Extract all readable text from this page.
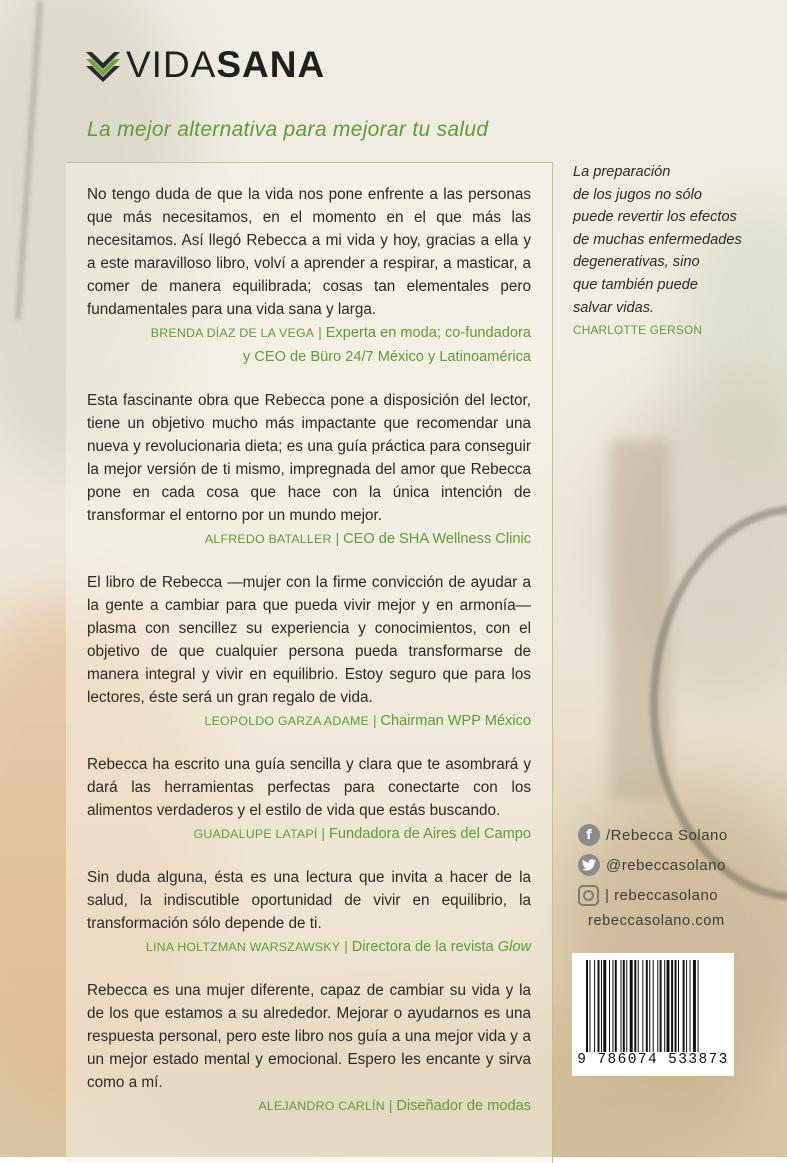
VIDASANA
La mejor alternativa para mejorar tu salud

No tengo duda de que la vida nos pone enfrente a las personas que más necesitamos, en el momento en el que más las necesitamos. Así llegó Rebecca a mi vida y hoy, gracias a ella y a este maravilloso libro, volví a aprender a respirar, a masticar, a comer de manera equilibrada; cosas tan elementales pero fundamentales para una vida sana y larga.

BRENDA DÍAZ DE LA VEGA | Experta en moda; co-fundadora
y CEO de Büro 24/7 México y Latinoamérica

Esta fascinante obra que Rebecca pone a disposición del lector, tiene un objetivo mucho más impactante que recomendar una nueva y revolucionaria dieta; es una guía práctica para conseguir la mejor versión de ti mismo, impregnada del amor que Rebecca pone en cada cosa que hace con la única intención de transformar el entorno por un mundo mejor.

ALFREDO BATALLER | CEO de SHA Wellness Clinic

El libro de Rebecca —mujer con la firme convicción de ayudar a la gente a cambiar para que pueda vivir mejor y en armonía— plasma con sencillez su experiencia y conocimientos, con el objetivo de que cualquier persona pueda transformarse de manera integral y vivir en equilibrio. Estoy seguro que para los lectores, éste será un gran regalo de vida.

LEOPOLDO GARZA ADAME | Chairman WPP México

Rebecca ha escrito una guía sencilla y clara que te asombrará y dará las herramientas perfectas para conectarte con los alimentos verdaderos y el estilo de vida que estás buscando.

GUADALUPE LATAPÍ | Fundadora de Aires del Campo

Sin duda alguna, ésta es una lectura que invita a hacer de la salud, la indiscutible oportunidad de vivir en equilibrio, la transformación sólo depende de ti.

LINA HOLTZMAN WARSZAWSKY | Directora de la revista Glow

Rebecca es una mujer diferente, capaz de cambiar su vida y la de los que estamos a su alrededor. Mejorar o ayudarnos es una respuesta personal, pero este libro nos guía a una mejor vida y a un mejor estado mental y emocional. Espero les encante y sirva como a mí.

ALEJANDRO CARLÍN | Diseñador de modas

La preparación

de los jugos no sólo

puede revertir los efectos

de muchas enfermedades

degenerativas, sino

que también puede

salvar vidas.

CHARLOTTE GERSON
f /Rebecca Solano
@rebeccasolano
| rebeccasolano
rebeccasolano.com
9 786074 533873
